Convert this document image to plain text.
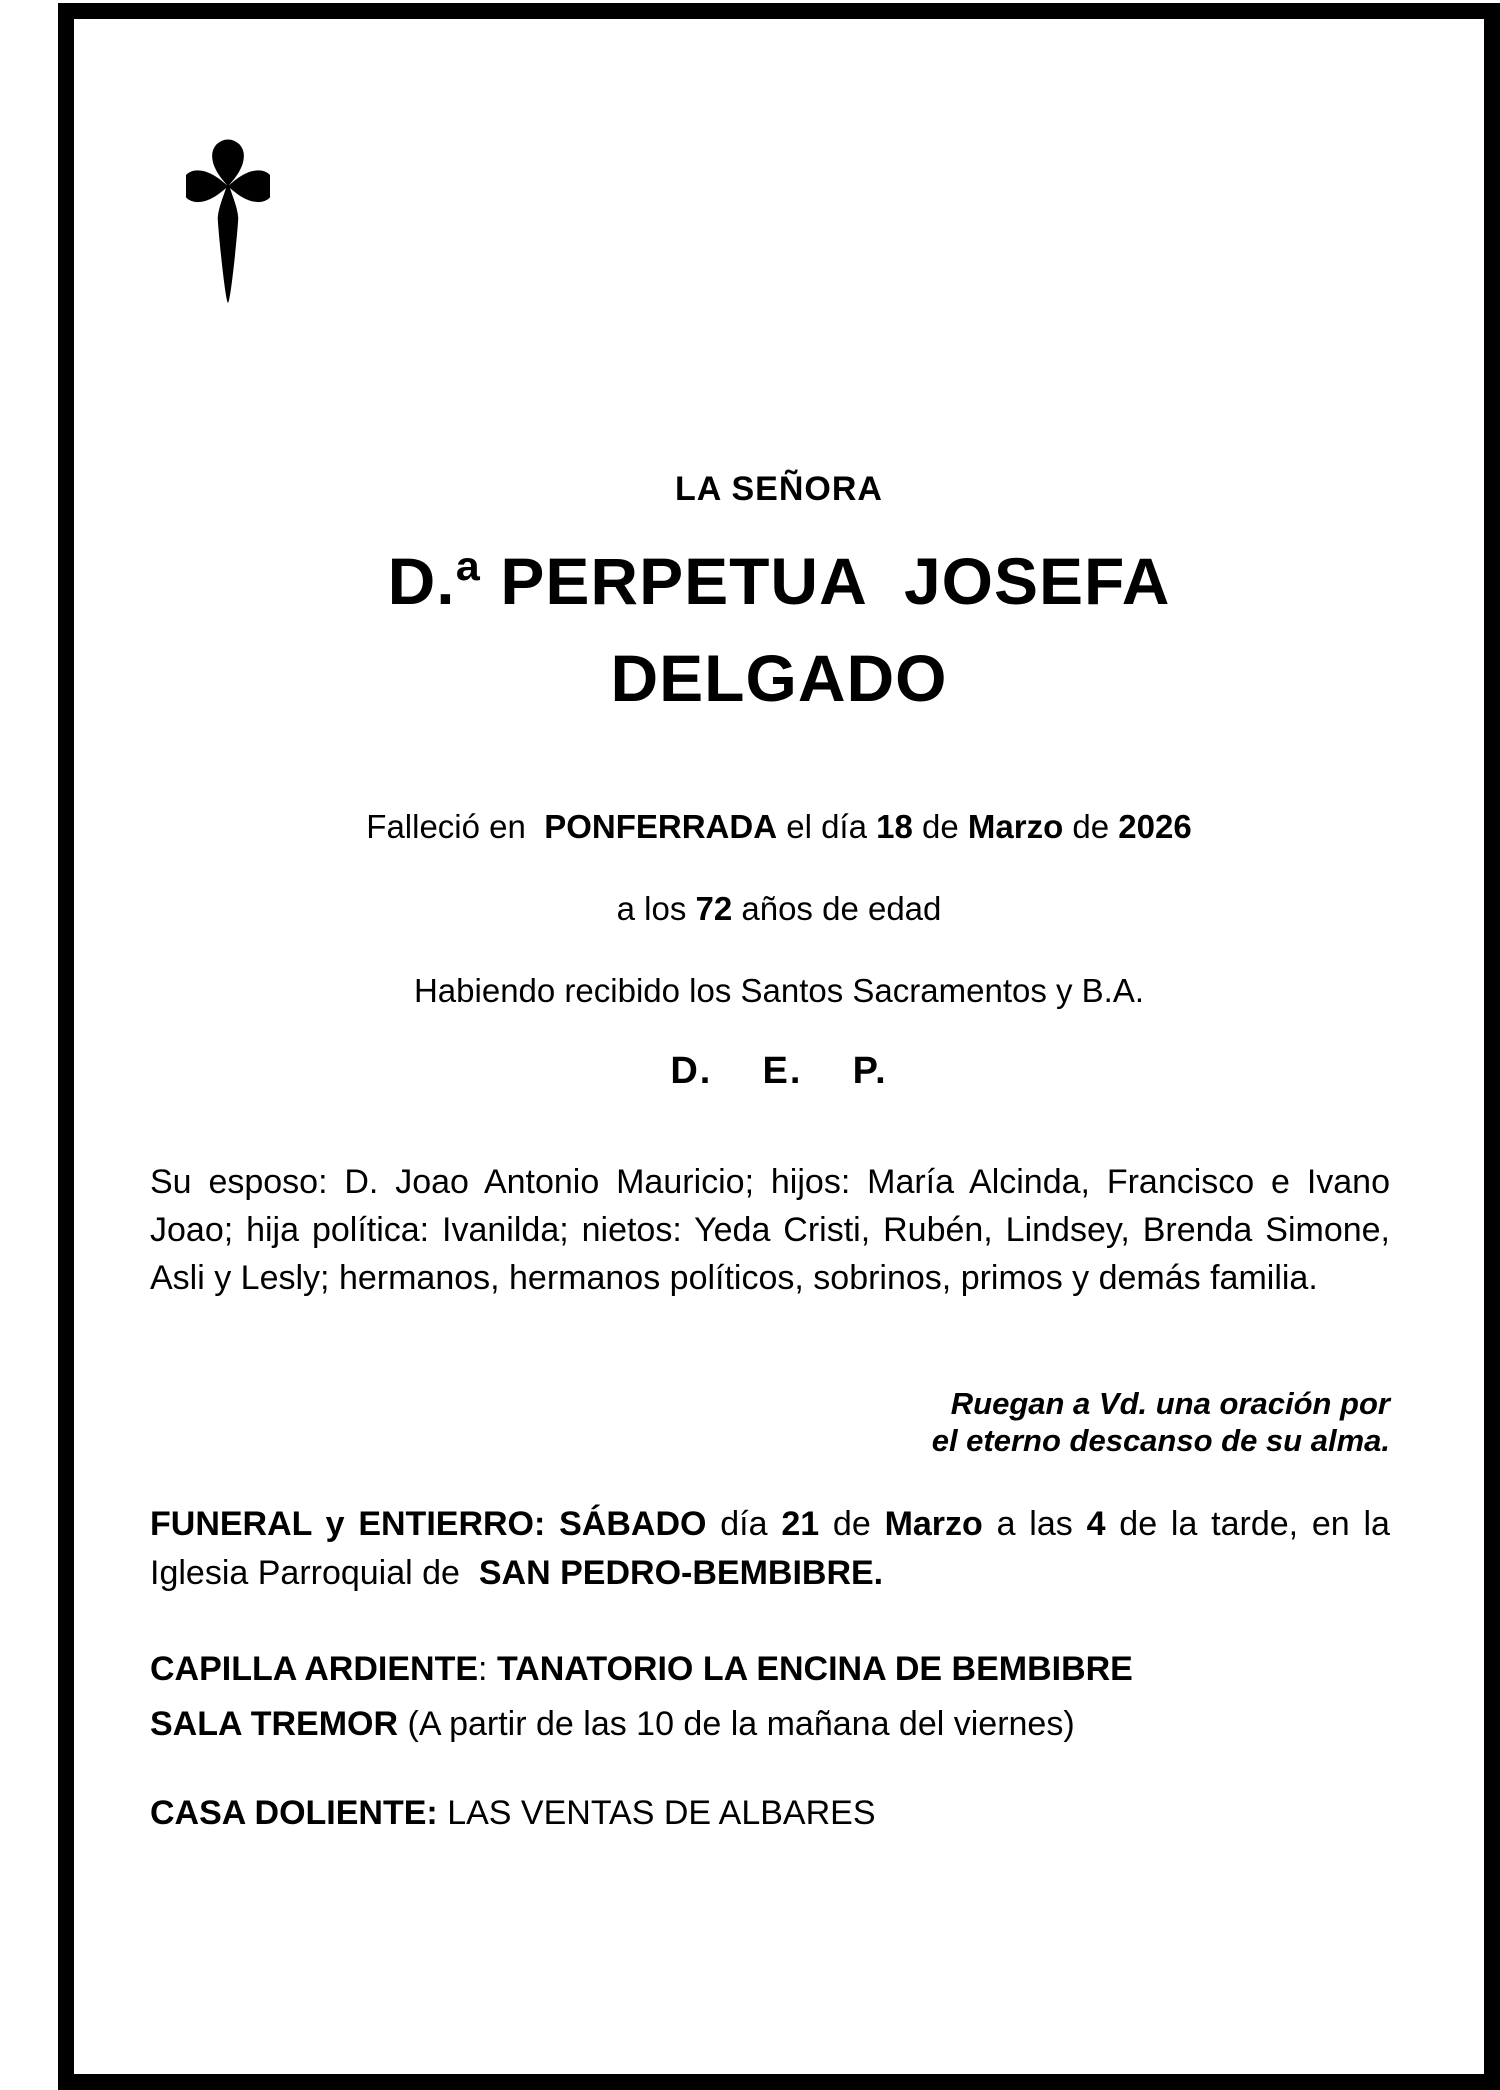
LA SEÑORA
D.ª PERPETUA  JOSEFA
DELGADO
Falleció en  PONFERRADA el día 18 de Marzo de 2026
a los 72 años de edad
Habiendo recibido los Santos Sacramentos y B.A.
D.    E.    P.
Su esposo: D. Joao Antonio Mauricio; hijos: María Alcinda, Francisco e Ivano Joao; hija política: Ivanilda; nietos: Yeda Cristi, Rubén, Lindsey, Brenda Simone, Asli y Lesly; hermanos, hermanos políticos, sobrinos, primos y demás familia.
Ruegan a Vd. una oración por
el eterno descanso de su alma.
FUNERAL y ENTIERRO: SÁBADO día 21 de Marzo a las 4 de la tarde, en la Iglesia Parroquial de  SAN PEDRO-BEMBIBRE.
CAPILLA ARDIENTE: TANATORIO LA ENCINA DE BEMBIBRE
SALA TREMOR (A partir de las 10 de la mañana del viernes)
CASA DOLIENTE: LAS VENTAS DE ALBARES
